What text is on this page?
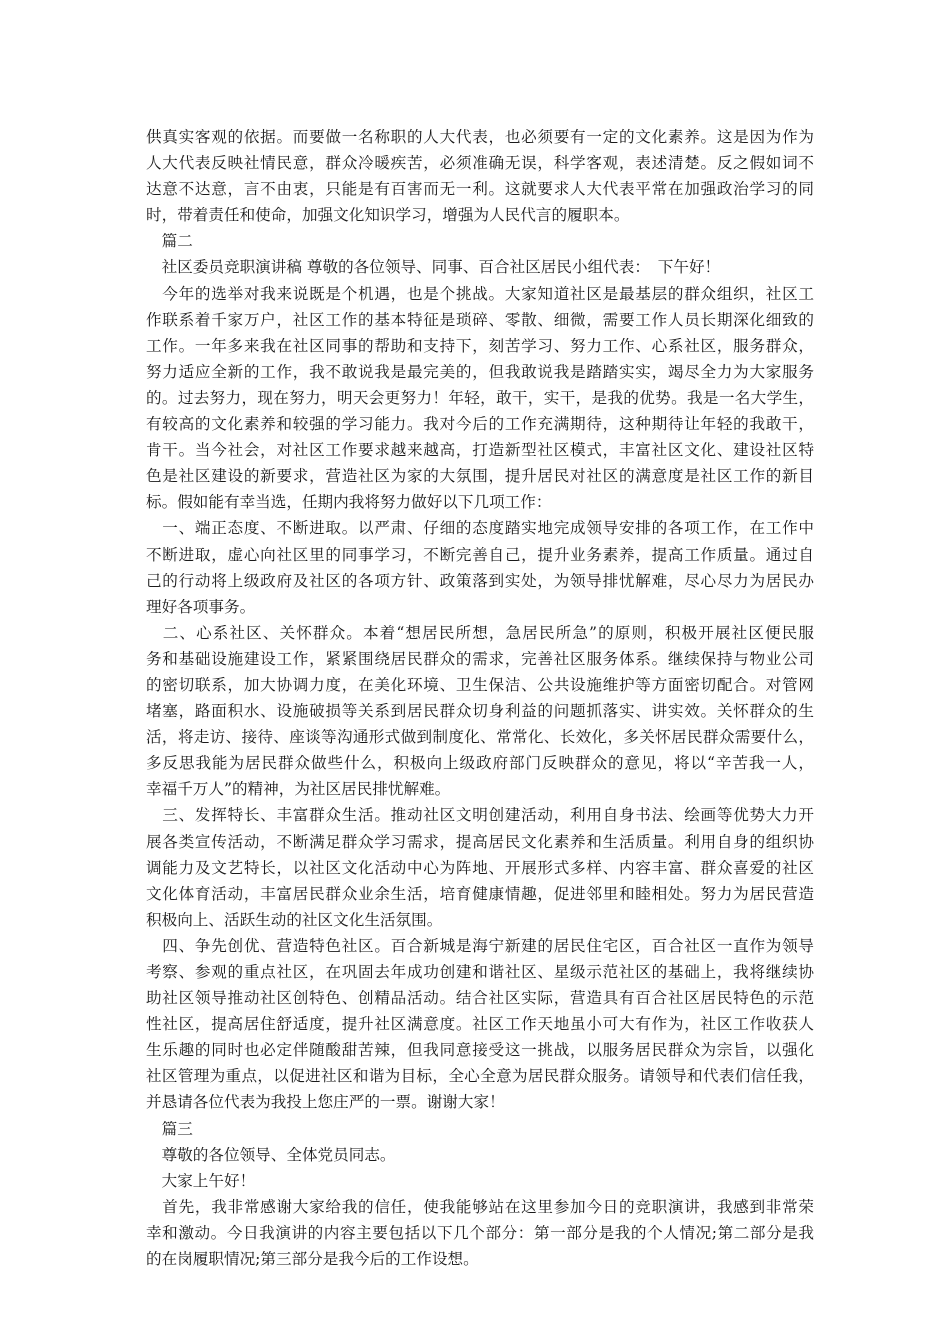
供真实客观的依据。而要做一名称职的人大代表，也必须要有一定的文化素养。这是因为作为
人大代表反映社情民意，群众冷暖疾苦，必须准确无误，科学客观，表述清楚。反之假如词不
达意不达意，言不由衷，只能是有百害而无一利。这就要求人大代表平常在加强政治学习的同
时，带着责任和使命，加强文化知识学习，增强为人民代言的履职本。
　篇二
　社区委员竞职演讲稿 尊敬的各位领导、同事、百合社区居民小组代表：　下午好！
　今年的选举对我来说既是个机遇，也是个挑战。大家知道社区是最基层的群众组织，社区工
作联系着千家万户，社区工作的基本特征是琐碎、零散、细微，需要工作人员长期深化细致的
工作。一年多来我在社区同事的帮助和支持下，刻苦学习、努力工作、心系社区，服务群众，
努力适应全新的工作，我不敢说我是最完美的，但我敢说我是踏踏实实，竭尽全力为大家服务
的。过去努力，现在努力，明天会更努力！年轻，敢干，实干，是我的优势。我是一名大学生，
有较高的文化素养和较强的学习能力。我对今后的工作充满期待，这种期待让年轻的我敢干，
肯干。当今社会，对社区工作要求越来越高，打造新型社区模式，丰富社区文化、建设社区特
色是社区建设的新要求，营造社区为家的大氛围，提升居民对社区的满意度是社区工作的新目
标。假如能有幸当选，任期内我将努力做好以下几项工作：
　一、端正态度、不断进取。以严肃、仔细的态度踏实地完成领导安排的各项工作，在工作中
不断进取，虚心向社区里的同事学习，不断完善自己，提升业务素养，提高工作质量。通过自
己的行动将上级政府及社区的各项方针、政策落到实处，为领导排忧解难，尽心尽力为居民办
理好各项事务。
　二、心系社区、关怀群众。本着“想居民所想，急居民所急”的原则，积极开展社区便民服
务和基础设施建设工作，紧紧围绕居民群众的需求，完善社区服务体系。继续保持与物业公司
的密切联系，加大协调力度，在美化环境、卫生保洁、公共设施维护等方面密切配合。对管网
堵塞，路面积水、设施破损等关系到居民群众切身利益的问题抓落实、讲实效。关怀群众的生
活，将走访、接待、座谈等沟通形式做到制度化、常常化、长效化，多关怀居民群众需要什么，
多反思我能为居民群众做些什么，积极向上级政府部门反映群众的意见，将以“辛苦我一人，
幸福千万人”的精神，为社区居民排忧解难。
　三、发挥特长、丰富群众生活。推动社区文明创建活动，利用自身书法、绘画等优势大力开
展各类宣传活动，不断满足群众学习需求，提高居民文化素养和生活质量。利用自身的组织协
调能力及文艺特长，以社区文化活动中心为阵地、开展形式多样、内容丰富、群众喜爱的社区
文化体育活动，丰富居民群众业余生活，培育健康情趣，促进邻里和睦相处。努力为居民营造
积极向上、活跃生动的社区文化生活氛围。
　四、争先创优、营造特色社区。百合新城是海宁新建的居民住宅区，百合社区一直作为领导
考察、参观的重点社区，在巩固去年成功创建和谐社区、星级示范社区的基础上，我将继续协
助社区领导推动社区创特色、创精品活动。结合社区实际，营造具有百合社区居民特色的示范
性社区，提高居住舒适度，提升社区满意度。社区工作天地虽小可大有作为，社区工作收获人
生乐趣的同时也必定伴随酸甜苦辣，但我同意接受这一挑战，以服务居民群众为宗旨，以强化
社区管理为重点，以促进社区和谐为目标，全心全意为居民群众服务。请领导和代表们信任我，
并恳请各位代表为我投上您庄严的一票。谢谢大家！
　篇三
　尊敬的各位领导、全体党员同志。
　大家上午好！
　首先，我非常感谢大家给我的信任，使我能够站在这里参加今日的竞职演讲，我感到非常荣
幸和激动。今日我演讲的内容主要包括以下几个部分：第一部分是我的个人情况;第二部分是我
的在岗履职情况;第三部分是我今后的工作设想。
